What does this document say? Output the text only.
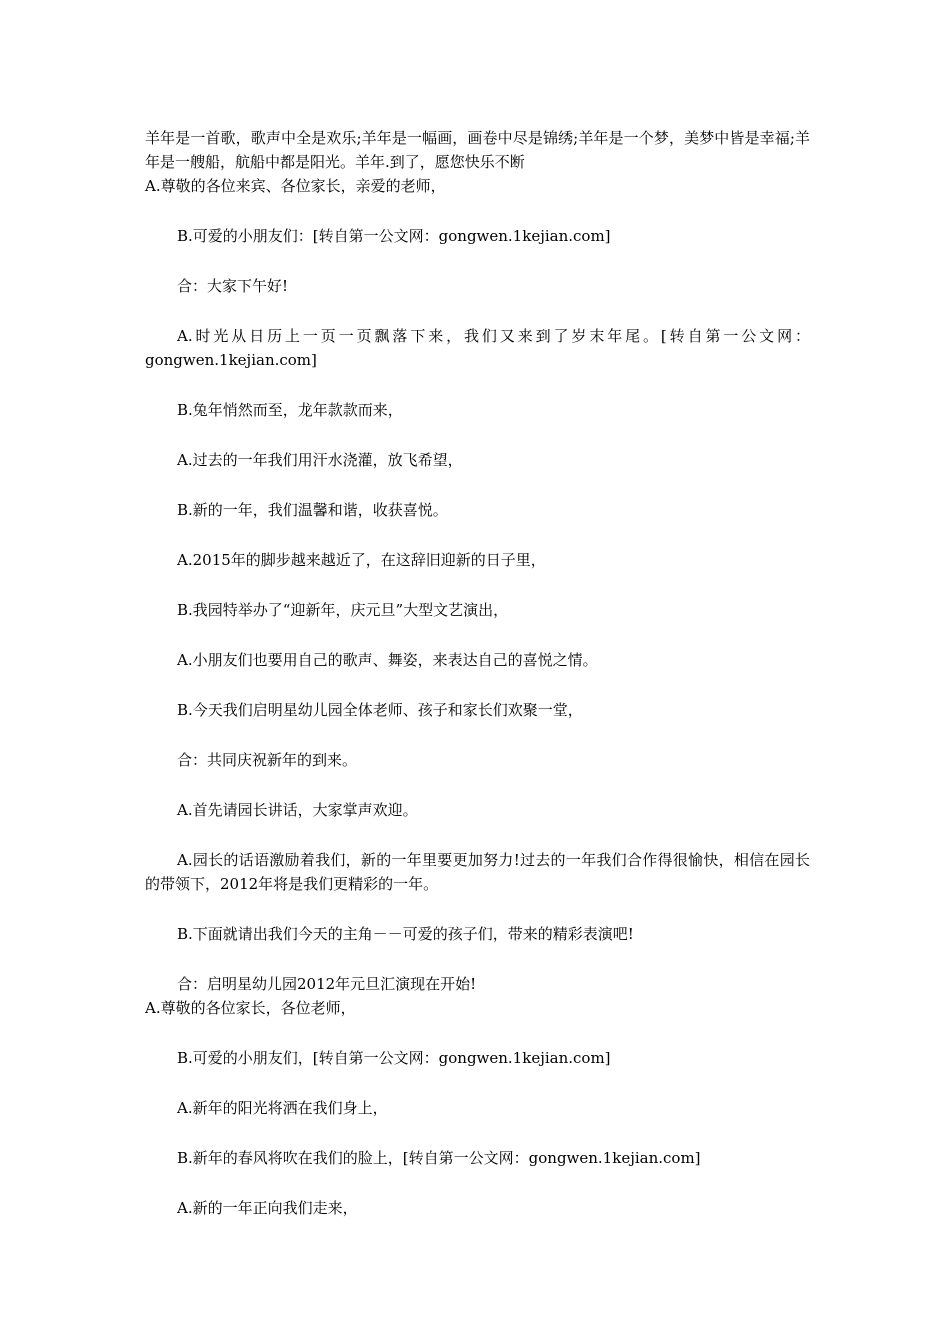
羊年是一首歌，歌声中全是欢乐;羊年是一幅画，画卷中尽是锦绣;羊年是一个梦，美梦中皆是幸福;羊年是一艘船，航船中都是阳光。羊年.到了，愿您快乐不断

A.尊敬的各位来宾、各位家长，亲爱的老师，

B.可爱的小朋友们：[转自第一公文网：gongwen.1kejian.com]

合：大家下午好!

A.时光从日历上一页一页飘落下来，我们又来到了岁末年尾。[转自第一公文网：gongwen.1kejian.com]

B.兔年悄然而至，龙年款款而来，

A.过去的一年我们用汗水浇灌，放飞希望，

B.新的一年，我们温馨和谐，收获喜悦。

A.2015年的脚步越来越近了，在这辞旧迎新的日子里，

B.我园特举办了“迎新年，庆元旦”大型文艺演出，

A.小朋友们也要用自己的歌声、舞姿，来表达自己的喜悦之情。

B.今天我们启明星幼儿园全体老师、孩子和家长们欢聚一堂，

合：共同庆祝新年的到来。

A.首先请园长讲话，大家掌声欢迎。

A.园长的话语激励着我们，新的一年里要更加努力!过去的一年我们合作得很愉快，相信在园长的带领下，2012年将是我们更精彩的一年。

B.下面就请出我们今天的主角－－可爱的孩子们，带来的精彩表演吧!

合：启明星幼儿园2012年元旦汇演现在开始!

A.尊敬的各位家长，各位老师，

B.可爱的小朋友们，[转自第一公文网：gongwen.1kejian.com]

A.新年的阳光将洒在我们身上，

B.新年的春风将吹在我们的脸上，[转自第一公文网：gongwen.1kejian.com]

A.新的一年正向我们走来，
